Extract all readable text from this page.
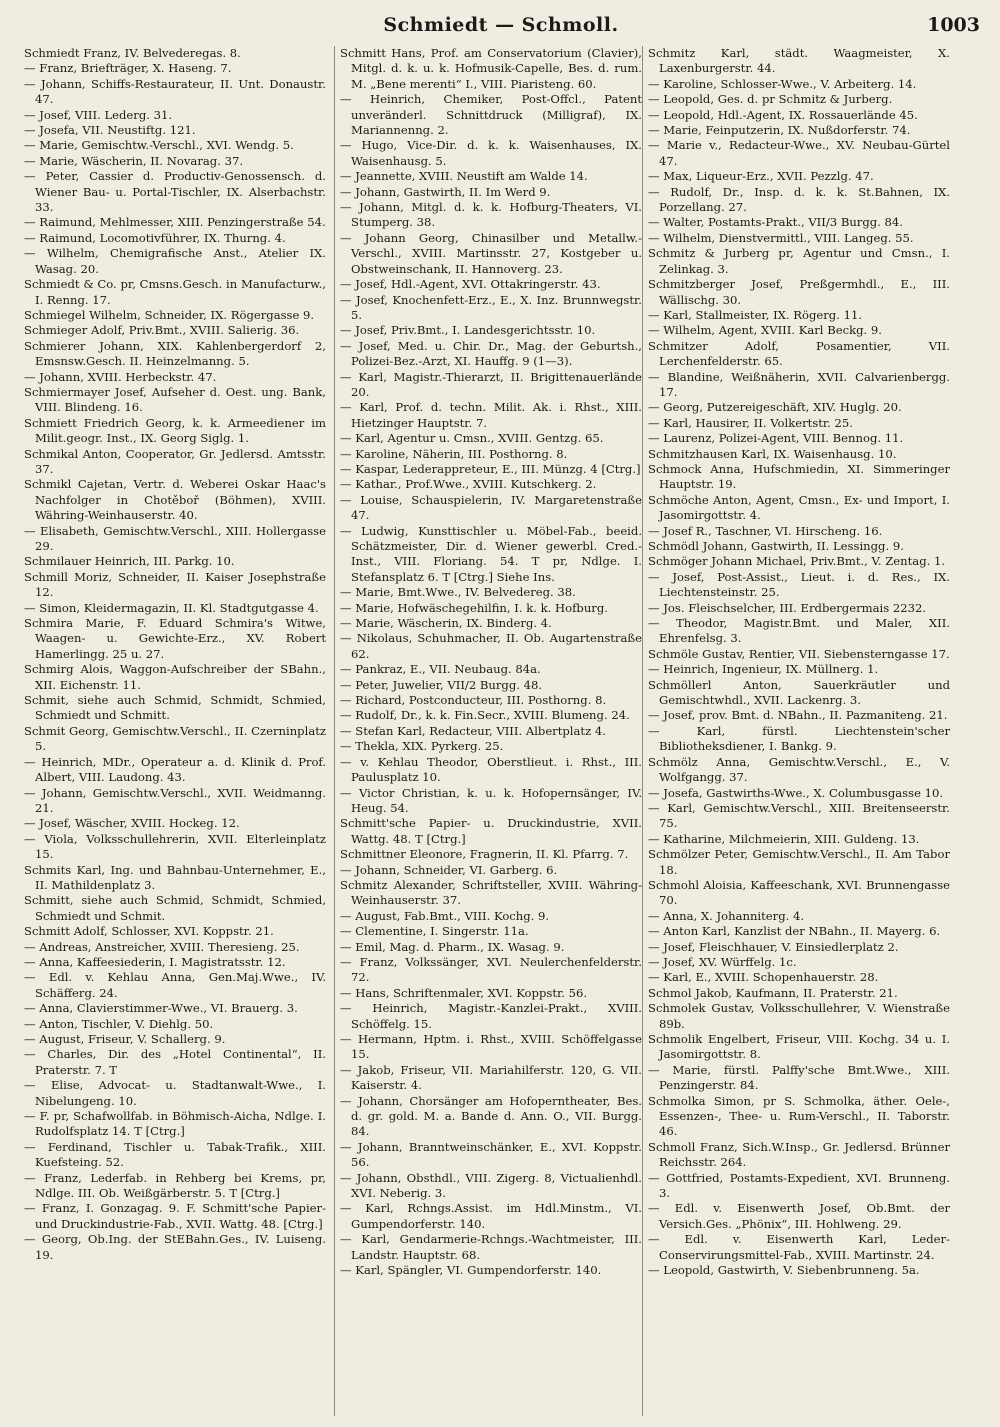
Schmiedt — Schmoll.	1003
Schmiedt Franz, IV. Belvederegas. 8.
— Franz, Briefträger, X. Haseng. 7.
— Johann, Schiffs-Restaurateur, II. Unt. Donaustr. 47.
— Josef, VIII. Lederg. 31.
— Josefa, VII. Neustiftg. 121.
— Marie, Gemischtw.-Verschl., XVI. Wendg. 5.
— Marie, Wäscherin, II. Novarag. 37.
— Peter, Cassier d. Productiv-Genossensch. d. Wiener Bau- u. Portal-Tischler, IX. Alserbachstr. 33.
— Raimund, Mehlmesser, XIII. Penzingerstraße 54.
— Raimund, Locomotivführer, IX. Thurng. 4.
— Wilhelm, Chemigrafische Anst., Atelier IX. Wasag. 20.
Schmiedt & Co. pr, Cmsns.Gesch. in Manufacturw., I. Renng. 17.
Schmiegel Wilhelm, Schneider, IX. Rögergasse 9.
Schmieger Adolf, Priv.Bmt., XVIII. Salierig. 36.
Schmierer Johann, XIX. Kahlenbergerdorf 2, Emsnsw.Gesch. II. Heinzelmanng. 5.
— Johann, XVIII. Herbeckstr. 47.
Schmiermayer Josef, Aufseher d. Oest. ung. Bank, VIII. Blindeng. 16.
Schmiett Friedrich Georg, k. k. Armeediener im Milit.geogr. Inst., IX. Georg Siglg. 1.
Schmikal Anton, Cooperator, Gr. Jedlersd. Amtsstr. 37.
Schmikl Cajetan, Vertr. d. Weberei Oskar Haac's Nachfolger in Chotěboř (Böhmen), XVIII. Währing-Weinhauserstr. 40.
— Elisabeth, Gemischtw.Verschl., XIII. Hollergasse 29.
Schmilauer Heinrich, III. Parkg. 10.
Schmill Moriz, Schneider, II. Kaiser Josephstraße 12.
— Simon, Kleidermagazin, II. Kl. Stadtgutgasse 4.
Schmira Marie, F. Eduard Schmira's Witwe, Waagen- u. Gewichte-Erz., XV. Robert Hamerlingg. 25 u. 27.
Schmirg Alois, Waggon-Aufschreiber der SBahn., XII. Eichenstr. 11.
Schmit, siehe auch Schmid, Schmidt, Schmied, Schmiedt und Schmitt.
Schmit Georg, Gemischtw.Verschl., II. Czerninplatz 5.
— Heinrich, MDr., Operateur a. d. Klinik d. Prof. Albert, VIII. Laudong. 43.
— Johann, Gemischtw.Verschl., XVII. Weidmanng. 21.
— Josef, Wäscher, XVIII. Hockeg. 12.
— Viola, Volksschullehrerin, XVII. Elterleinplatz 15.
Schmits Karl, Ing. und Bahnbau-Unternehmer, E., II. Mathildenplatz 3.
Schmitt, siehe auch Schmid, Schmidt, Schmied, Schmiedt und Schmit.
Schmitt Adolf, Schlosser, XVI. Koppstr. 21.
— Andreas, Anstreicher, XVIII. Theresieng. 25.
— Anna, Kaffeesiederin, I. Magistratsstr. 12.
— Edl. v. Kehlau Anna, Gen.Maj.Wwe., IV. Schäfferg. 24.
— Anna, Clavierstimmer-Wwe., VI. Brauerg. 3.
— Anton, Tischler, V. Diehlg. 50.
— August, Friseur, V. Schallerg. 9.
— Charles, Dir. des „Hotel Continental“, II. Praterstr. 7. T
— Elise, Advocat- u. Stadtanwalt-Wwe., I. Nibelungeng. 10.
— F. pr, Schafwollfab. in Böhmisch-Aicha, Ndlge. I. Rudolfsplatz 14. T [Ctrg.]
— Ferdinand, Tischler u. Tabak-Trafik., XIII. Kuefsteing. 52.
— Franz, Lederfab. in Rehberg bei Krems, pr, Ndlge. III. Ob. Weißgärberstr. 5. T [Ctrg.]
— Franz, I. Gonzagag. 9. F. Schmitt'sche Papier- und Druckindustrie-Fab., XVII. Wattg. 48. [Ctrg.]
— Georg, Ob.Ing. der StEBahn.Ges., IV. Luiseng. 19.
Schmitt Hans, Prof. am Conservatorium (Clavier), Mitgl. d. k. u. k. Hofmusik-Capelle, Bes. d. rum. M. „Bene merenti“ I., VIII. Piaristeng. 60.
— Heinrich, Chemiker, Post-Offcl., Patent unveränderl. Schnittdruck (Milligraf), IX. Mariannenng. 2.
— Hugo, Vice-Dir. d. k. k. Waisenhauses, IX. Waisenhausg. 5.
— Jeannette, XVIII. Neustift am Walde 14.
— Johann, Gastwirth, II. Im Werd 9.
— Johann, Mitgl. d. k. k. Hofburg-Theaters, VI. Stumperg. 38.
— Johann Georg, Chinasilber und Metallw.-Verschl., XVIII. Martinsstr. 27, Kostgeber u. Obstweinschank, II. Hannoverg. 23.
— Josef, Hdl.-Agent, XVI. Ottakringerstr. 43.
— Josef, Knochenfett-Erz., E., X. Inz. Brunnwegstr. 5.
— Josef, Priv.Bmt., I. Landesgerichtsstr. 10.
— Josef, Med. u. Chir. Dr., Mag. der Geburtsh., Polizei-Bez.-Arzt, XI. Hauffg. 9 (1—3).
— Karl, Magistr.-Thierarzt, II. Brigittenauerlände 20.
— Karl, Prof. d. techn. Milit. Ak. i. Rhst., XIII. Hietzinger Hauptstr. 7.
— Karl, Agentur u. Cmsn., XVIII. Gentzg. 65.
— Karoline, Näherin, III. Posthorng. 8.
— Kaspar, Lederappreteur, E., III. Münzg. 4 [Ctrg.]
— Kathar., Prof.Wwe., XVIII. Kutschkerg. 2.
— Louise, Schauspielerin, IV. Margaretenstraße 47.
— Ludwig, Kunsttischler u. Möbel-Fab., beeid. Schätzmeister, Dir. d. Wiener gewerbl. Cred.-Inst., VIII. Floriang. 54. T pr, Ndlge. I. Stefansplatz 6. T [Ctrg.] Siehe Ins.
— Marie, Bmt.Wwe., IV. Belvedereg. 38.
— Marie, Hofwäschegehilfin, I. k. k. Hofburg.
— Marie, Wäscherin, IX. Binderg. 4.
— Nikolaus, Schuhmacher, II. Ob. Augartenstraße 62.
— Pankraz, E., VII. Neubaug. 84a.
— Peter, Juwelier, VII/2 Burgg. 48.
— Richard, Postconducteur, III. Posthorng. 8.
— Rudolf, Dr., k. k. Fin.Secr., XVIII. Blumeng. 24.
— Stefan Karl, Redacteur, VIII. Albertplatz 4.
— Thekla, XIX. Pyrkerg. 25.
— v. Kehlau Theodor, Oberstlieut. i. Rhst., III. Paulusplatz 10.
— Victor Christian, k. u. k. Hofopernsänger, IV. Heug. 54.
Schmitt'sche Papier- u. Druckindustrie, XVII. Wattg. 48. T [Ctrg.]
Schmittner Eleonore, Fragnerin, II. Kl. Pfarrg. 7.
— Johann, Schneider, VI. Garberg. 6.
Schmitz Alexander, Schriftsteller, XVIII. Währing-Weinhauserstr. 37.
— August, Fab.Bmt., VIII. Kochg. 9.
— Clementine, I. Singerstr. 11a.
— Emil, Mag. d. Pharm., IX. Wasag. 9.
— Franz, Volkssänger, XVI. Neulerchenfelderstr. 72.
— Hans, Schriftenmaler, XVI. Koppstr. 56.
— Heinrich, Magistr.-Kanzlei-Prakt., XVIII. Schöffelg. 15.
— Hermann, Hptm. i. Rhst., XVIII. Schöffelgasse 15.
— Jakob, Friseur, VII. Mariahilferstr. 120, G. VII. Kaiserstr. 4.
— Johann, Chorsänger am Hofoperntheater, Bes. d. gr. gold. M. a. Bande d. Ann. O., VII. Burgg. 84.
— Johann, Branntweinschänker, E., XVI. Koppstr. 56.
— Johann, Obsthdl., VIII. Zigerg. 8, Victualienhdl. XVI. Neberig. 3.
— Karl, Rchngs.Assist. im Hdl.Minstm., VI. Gumpendorferstr. 140.
— Karl, Gendarmerie-Rchngs.-Wachtmeister, III. Landstr. Hauptstr. 68.
— Karl, Spängler, VI. Gumpendorferstr. 140.
Schmitz Karl, städt. Waagmeister, X. Laxenburgerstr. 44.
— Karoline, Schlosser-Wwe., V. Arbeiterg. 14.
— Leopold, Ges. d. pr Schmitz & Jurberg.
— Leopold, Hdl.-Agent, IX. Rossauerlände 45.
— Marie, Feinputzerin, IX. Nußdorferstr. 74.
— Marie v., Redacteur-Wwe., XV. Neubau-Gürtel 47.
— Max, Liqueur-Erz., XVII. Pezzlg. 47.
— Rudolf, Dr., Insp. d. k. k. St.Bahnen, IX. Porzellang. 27.
— Walter, Postamts-Prakt., VII/3 Burgg. 84.
— Wilhelm, Dienstvermittl., VIII. Langeg. 55.
Schmitz & Jurberg pr, Agentur und Cmsn., I. Zelinkag. 3.
Schmitzberger Josef, Preßgermhdl., E., III. Wällischg. 30.
— Karl, Stallmeister, IX. Rögerg. 11.
— Wilhelm, Agent, XVIII. Karl Beckg. 9.
Schmitzer Adolf, Posamentier, VII. Lerchenfelderstr. 65.
— Blandine, Weißnäherin, XVII. Calvarienbergg. 17.
— Georg, Putzereigeschäft, XIV. Huglg. 20.
— Karl, Hausirer, II. Volkertstr. 25.
— Laurenz, Polizei-Agent, VIII. Bennog. 11.
Schmitzhausen Karl, IX. Waisenhausg. 10.
Schmock Anna, Hufschmiedin, XI. Simmeringer Hauptstr. 19.
Schmöche Anton, Agent, Cmsn., Ex- und Import, I. Jasomirgottstr. 4.
— Josef R., Taschner, VI. Hirscheng. 16.
Schmödl Johann, Gastwirth, II. Lessingg. 9.
Schmöger Johann Michael, Priv.Bmt., V. Zentag. 1.
— Josef, Post-Assist., Lieut. i. d. Res., IX. Liechtensteinstr. 25.
— Jos. Fleischselcher, III. Erdbergermais 2232.
— Theodor, Magistr.Bmt. und Maler, XII. Ehrenfelsg. 3.
Schmöle Gustav, Rentier, VII. Siebensterngasse 17.
— Heinrich, Ingenieur, IX. Müllnerg. 1.
Schmöllerl Anton, Sauerkräutler und Gemischtwhdl., XVII. Lackenrg. 3.
— Josef, prov. Bmt. d. NBahn., II. Pazmaniteng. 21.
— Karl, fürstl. Liechtenstein'scher Bibliotheksdiener, I. Bankg. 9.
Schmölz Anna, Gemischtw.Verschl., E., V. Wolfgangg. 37.
— Josefa, Gastwirths-Wwe., X. Columbusgasse 10.
— Karl, Gemischtw.Verschl., XIII. Breitenseerstr. 75.
— Katharine, Milchmeierin, XIII. Guldeng. 13.
Schmölzer Peter, Gemischtw.Verschl., II. Am Tabor 18.
Schmohl Aloisia, Kaffeeschank, XVI. Brunnengasse 70.
— Anna, X. Johanniterg. 4.
— Anton Karl, Kanzlist der NBahn., II. Mayerg. 6.
— Josef, Fleischhauer, V. Einsiedlerplatz 2.
— Josef, XV. Würffelg. 1c.
— Karl, E., XVIII. Schopenhauerstr. 28.
Schmol Jakob, Kaufmann, II. Praterstr. 21.
Schmolek Gustav, Volksschullehrer, V. Wienstraße 89b.
Schmolik Engelbert, Friseur, VIII. Kochg. 34 u. I. Jasomirgottstr. 8.
— Marie, fürstl. Palffy'sche Bmt.Wwe., XIII. Penzingerstr. 84.
Schmolka Simon, pr S. Schmolka, äther. Oele-, Essenzen-, Thee- u. Rum-Verschl., II. Taborstr. 46.
Schmoll Franz, Sich.W.Insp., Gr. Jedlersd. Brünner Reichsstr. 264.
— Gottfried, Postamts-Expedient, XVI. Brunneng. 3.
— Edl. v. Eisenwerth Josef, Ob.Bmt. der Versich.Ges. „Phönix“, III. Hohlweng. 29.
— Edl. v. Eisenwerth Karl, Leder-Conservirungsmittel-Fab., XVIII. Martinstr. 24.
— Leopold, Gastwirth, V. Siebenbrunneng. 5a.
